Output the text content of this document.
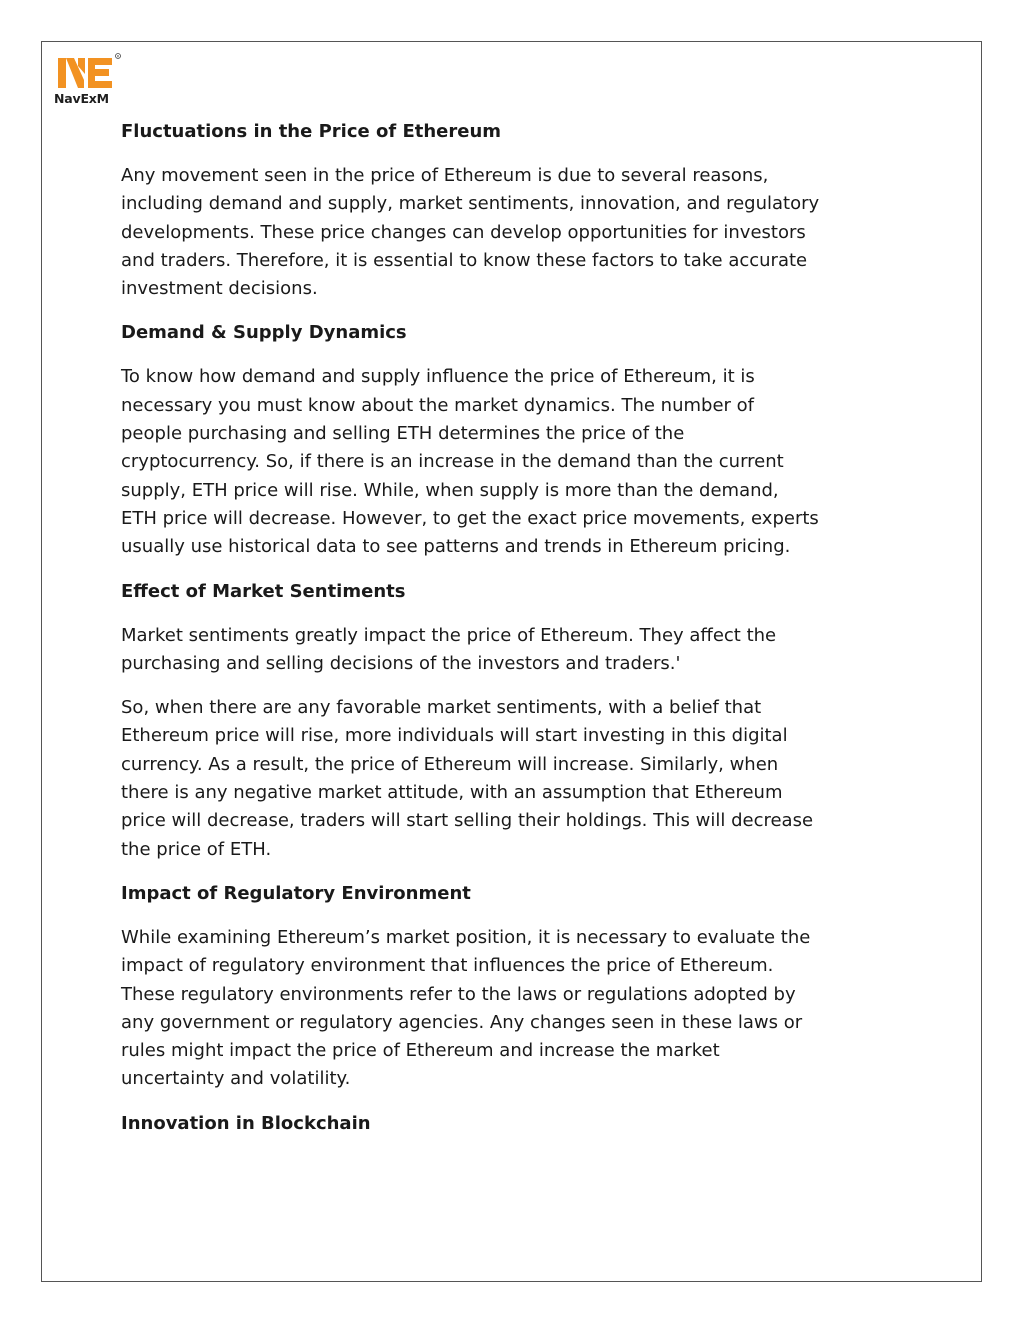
R
NavExM
Fluctuations in the Price of Ethereum
Any movement seen in the price of Ethereum is due to several reasons,
including demand and supply, market sentiments, innovation, and regulatory
developments. These price changes can develop opportunities for investors
and traders. Therefore, it is essential to know these factors to take accurate
investment decisions.
Demand & Supply Dynamics
To know how demand and supply influence the price of Ethereum, it is
necessary you must know about the market dynamics. The number of
people purchasing and selling ETH determines the price of the
cryptocurrency. So, if there is an increase in the demand than the current
supply, ETH price will rise. While, when supply is more than the demand,
ETH price will decrease. However, to get the exact price movements, experts
usually use historical data to see patterns and trends in Ethereum pricing.
Effect of Market Sentiments
Market sentiments greatly impact the price of Ethereum. They affect the
purchasing and selling decisions of the investors and traders.'
So, when there are any favorable market sentiments, with a belief that
Ethereum price will rise, more individuals will start investing in this digital
currency. As a result, the price of Ethereum will increase. Similarly, when
there is any negative market attitude, with an assumption that Ethereum
price will decrease, traders will start selling their holdings. This will decrease
the price of ETH.
Impact of Regulatory Environment
While examining Ethereum’s market position, it is necessary to evaluate the
impact of regulatory environment that influences the price of Ethereum.
These regulatory environments refer to the laws or regulations adopted by
any government or regulatory agencies. Any changes seen in these laws or
rules might impact the price of Ethereum and increase the market
uncertainty and volatility.
Innovation in Blockchain
